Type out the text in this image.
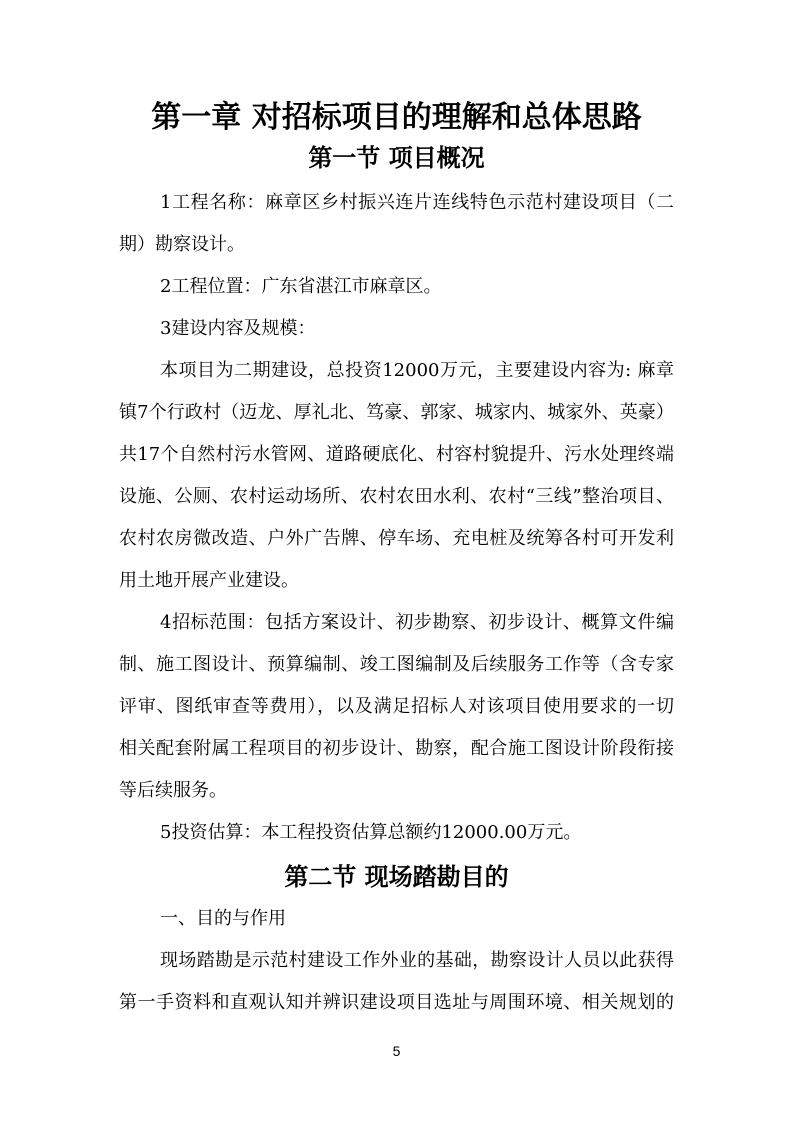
第一章 对招标项目的理解和总体思路
第一节 项目概况

1工程名称：麻章区乡村振兴连片连线特色示范村建设项目（二

期）勘察设计。

2工程位置：广东省湛江市麻章区。

3建设内容及规模：

本项目为二期建设，总投资12000万元，主要建设内容为: 麻章

镇7个行政村（迈龙、厚礼北、笃豪、郭家、城家内、城家外、英豪）

共17个自然村污水管网、道路硬底化、村容村貌提升、污水处理终端

设施、公厕、农村运动场所、农村农田水利、农村“三线”整治项目、

农村农房微改造、户外广告牌、停车场、充电桩及统筹各村可开发利

用土地开展产业建设。

4招标范围：包括方案设计、初步勘察、初步设计、概算文件编

制、施工图设计、预算编制、竣工图编制及后续服务工作等（含专家

评审、图纸审查等费用），以及满足招标人对该项目使用要求的一切

相关配套附属工程项目的初步设计、勘察，配合施工图设计阶段衔接

等后续服务。

5投资估算：本工程投资估算总额约12000.00万元。

第二节 现场踏勘目的

一、目的与作用

现场踏勘是示范村建设工作外业的基础，勘察设计人员以此获得

第一手资料和直观认知并辨识建设项目选址与周围环境、相关规划的

5
